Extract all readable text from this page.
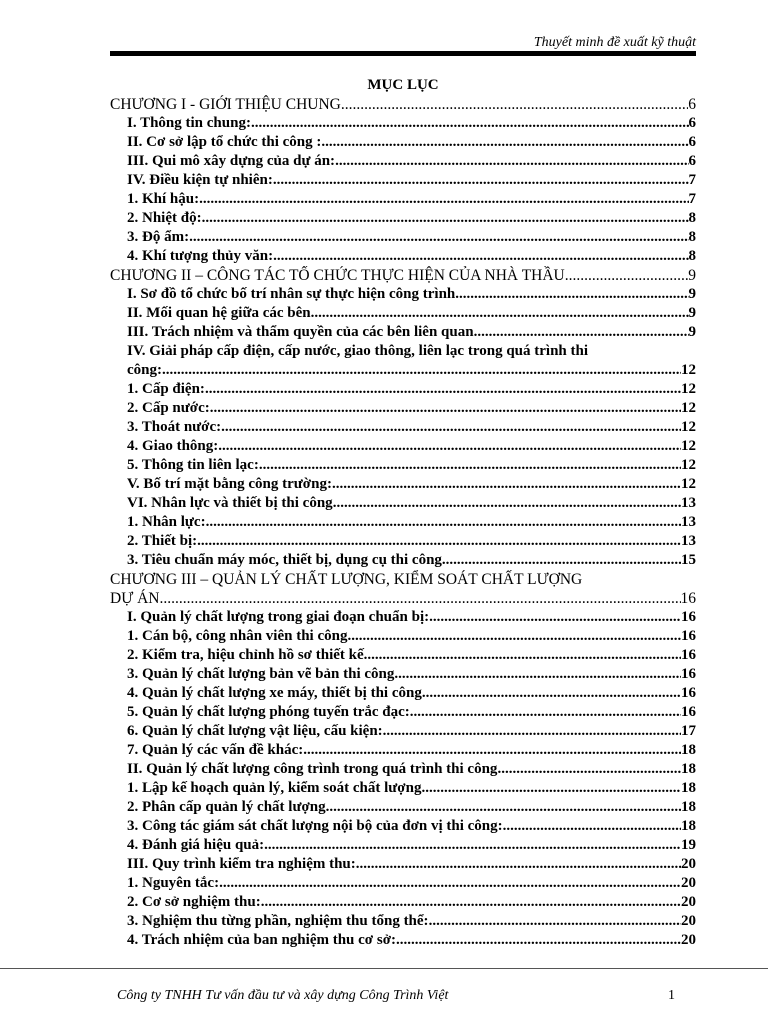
Thuyết minh đề xuất kỹ thuật
MỤC LỤC
CHƯƠNG I - GIỚI THIỆU CHUNG .....	6
I. Thông tin chung: .....	6
II. Cơ sở lập tổ chức thi công : .....	6
III. Qui mô xây dựng của dự án: .....	6
IV. Điều kiện tự nhiên: .....	7
1. Khí hậu: .....	7
2. Nhiệt độ: .....	8
3. Độ ẩm: .....	8
4. Khí tượng thủy văn: .....	8
CHƯƠNG II – CÔNG TÁC TỔ CHỨC THỰC HIỆN CỦA NHÀ THẦU .....	9
I. Sơ đồ tổ chức bố trí nhân sự thực hiện công trình .....	9
II. Mối quan hệ giữa các bên .....	9
III. Trách nhiệm và thẩm quyền của các bên liên quan .....	9
IV. Giải pháp cấp điện, cấp nước, giao thông, liên lạc trong quá trình thi
công: .....	12
1. Cấp điện: .....	12
2. Cấp nước: .....	12
3. Thoát nước: .....	12
4. Giao thông: .....	12
5. Thông tin liên lạc: .....	12
V. Bố trí mặt bằng công trường: .....	12
VI. Nhân lực và thiết bị thi công .....	13
1. Nhân lực: .....	13
2. Thiết bị: .....	13
3. Tiêu chuẩn máy móc, thiết bị, dụng cụ thi công .....	15
CHƯƠNG III – QUẢN LÝ CHẤT LƯỢNG, KIỂM SOÁT CHẤT LƯỢNG
DỰ ÁN .....	16
I. Quản lý chất lượng trong giai đoạn chuẩn bị: .....	16
1. Cán bộ, công nhân viên thi công .....	16
2. Kiểm tra, hiệu chỉnh hồ sơ thiết kế .....	16
3. Quản lý chất lượng bản vẽ bản thi công .....	16
4. Quản lý chất lượng xe máy, thiết bị thi công .....	16
5. Quản lý chất lượng phóng tuyến trắc đạc: .....	16
6. Quản lý chất lượng vật liệu, cấu kiện: .....	17
7. Quản lý các vấn đề khác: .....	18
II. Quản lý chất lượng công trình trong quá trình thi công .....	18
1. Lập kế hoạch quản lý, kiểm soát chất lượng .....	18
2. Phân cấp quản lý chất lượng .....	18
3. Công tác giám sát chất lượng nội bộ của đơn vị thi công: .....	18
4. Đánh giá hiệu quả: .....	19
III. Quy trình kiểm tra nghiệm thu: .....	20
1. Nguyên tắc: .....	20
2. Cơ sở nghiệm thu: .....	20
3. Nghiệm thu từng phần, nghiệm thu tổng thể: .....	20
4. Trách nhiệm của ban nghiệm thu cơ sở: .....	20
Công ty TNHH Tư vấn đầu tư và xây dựng Công Trình Việt	1
